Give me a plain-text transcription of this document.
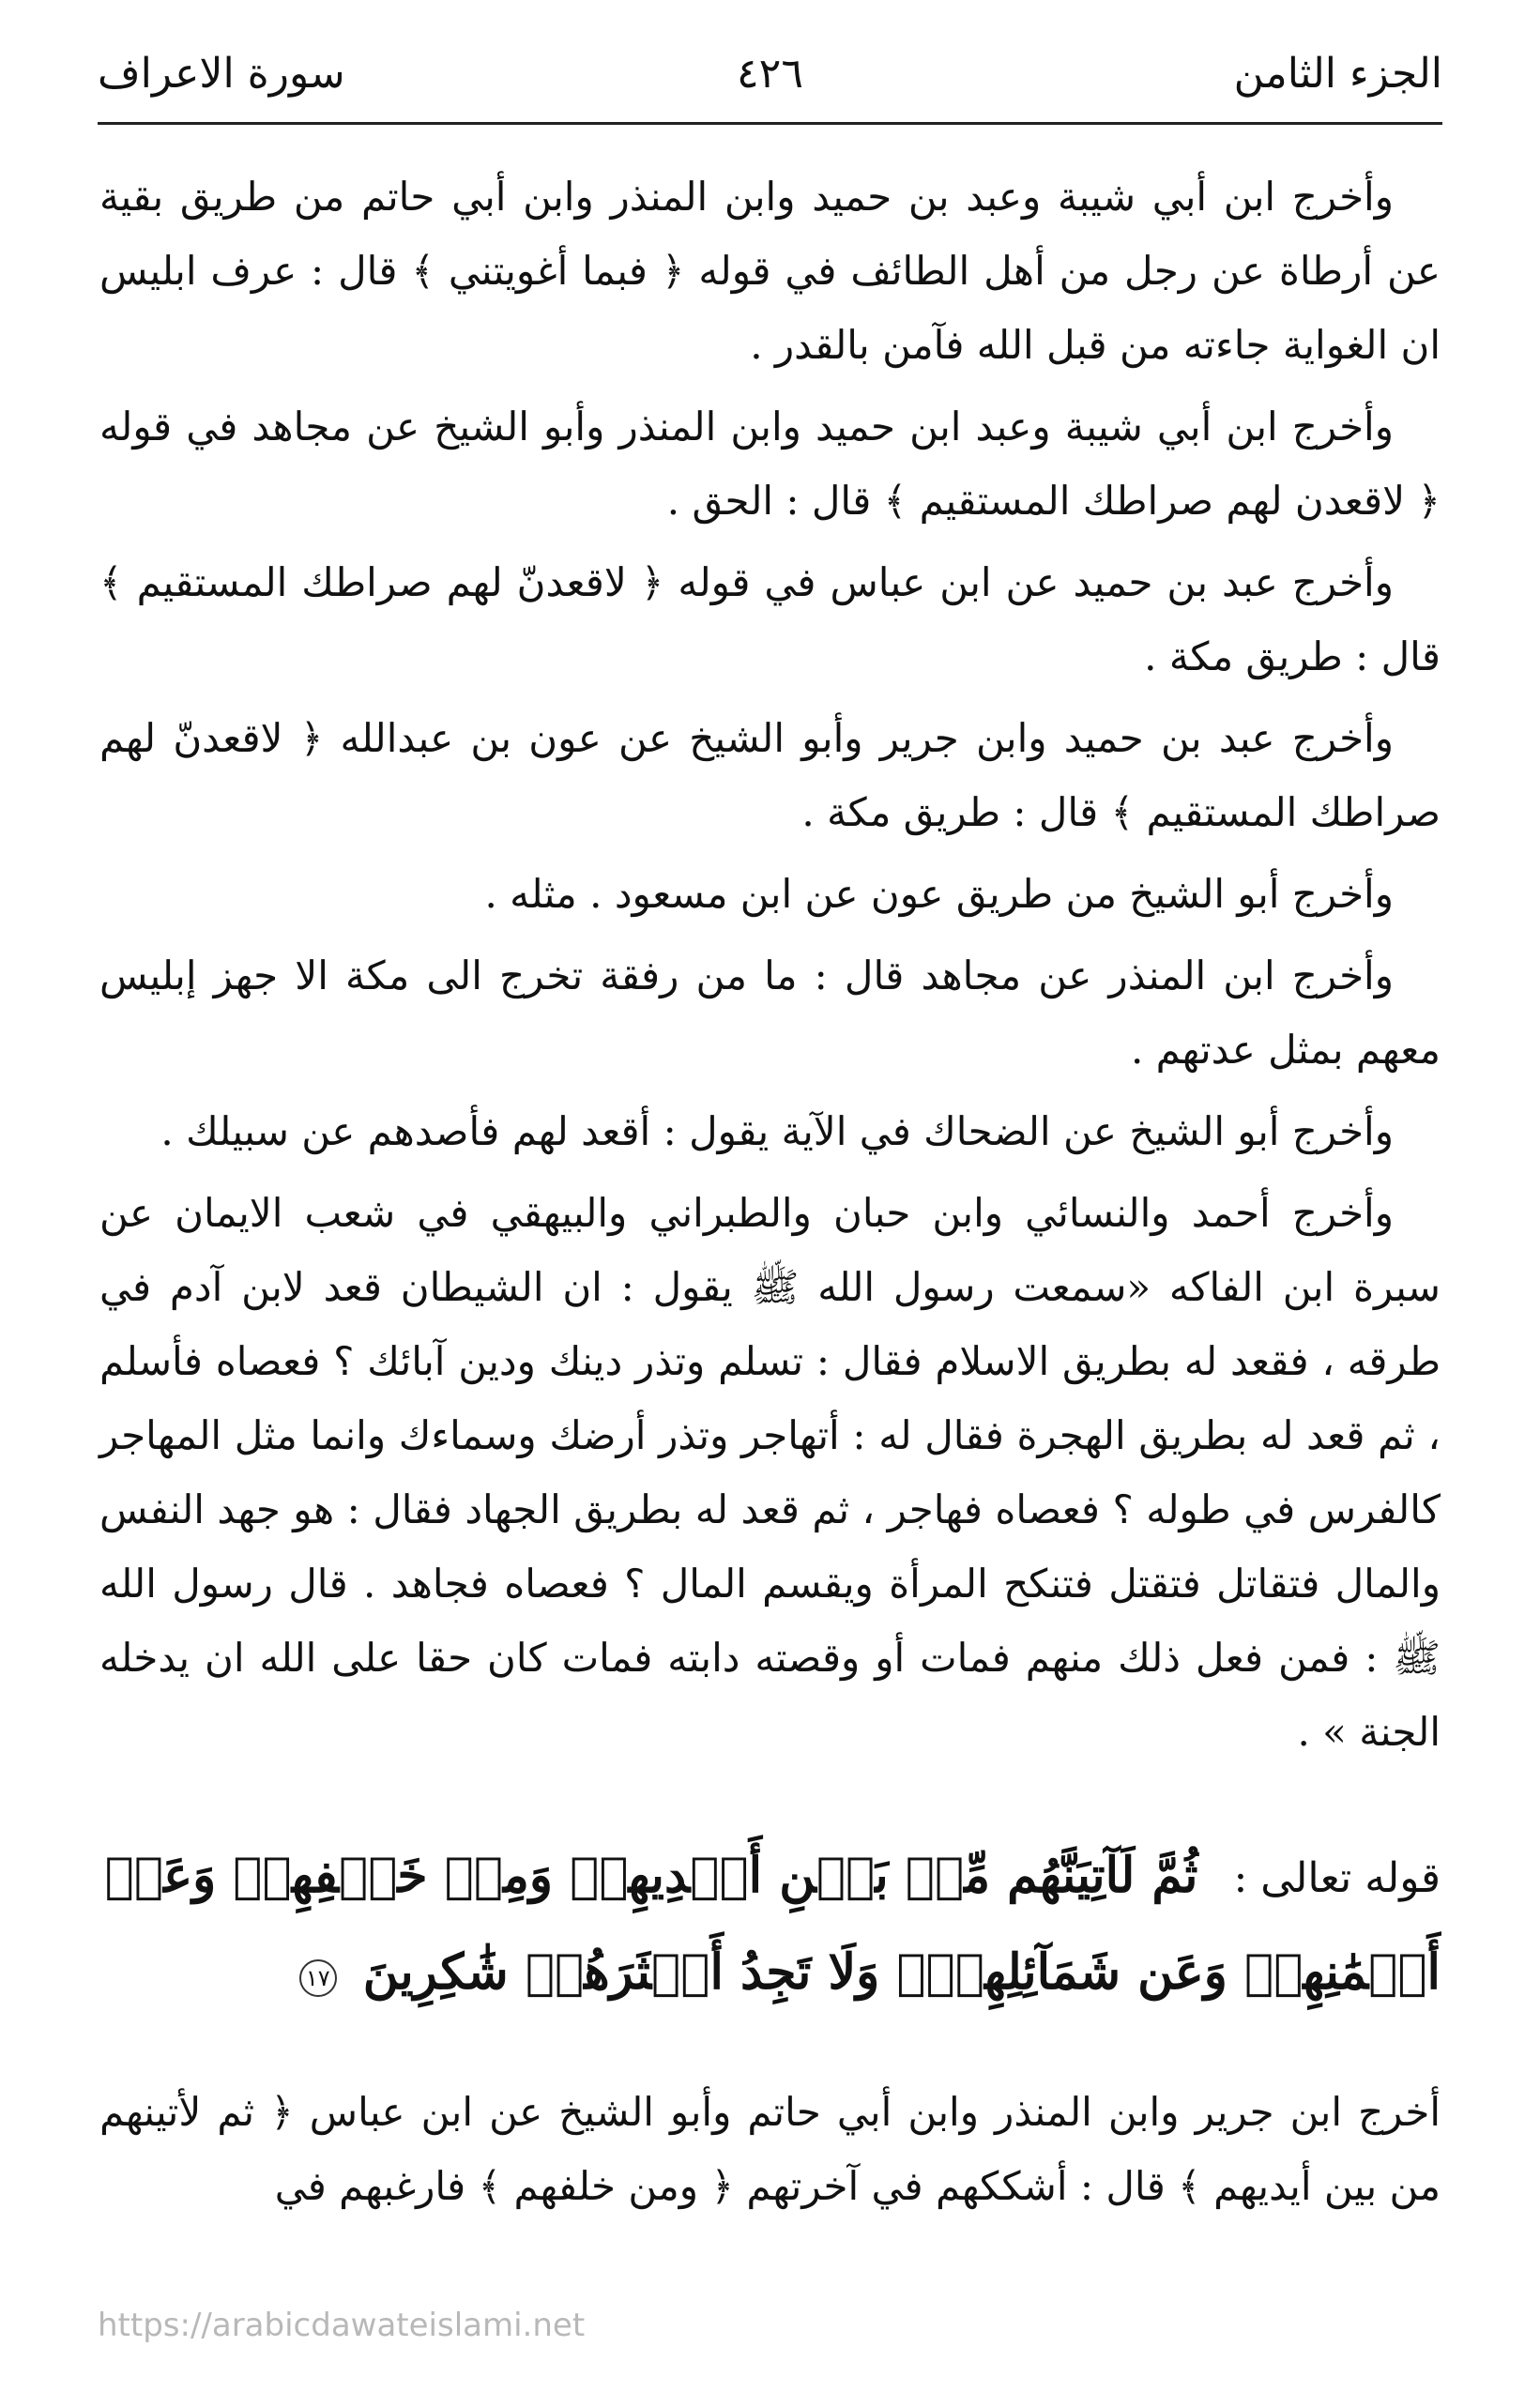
الجزء الثامن
٤٢٦
سورة الاعراف

وأخرج ابن أبي شيبة وعبد بن حميد وابن المنذر وابن أبي حاتم من طريق بقية عن أرطاة عن رجل من أهل الطائف في قوله ﴿ فبما أغويتني ﴾ قال : عرف ابليس ان الغواية جاءته من قبل الله فآمن بالقدر .

وأخرج ابن أبي شيبة وعبد ابن حميد وابن المنذر وأبو الشيخ عن مجاهد في قوله ﴿ لاقعدن لهم صراطك المستقيم ﴾ قال : الحق .

وأخرج عبد بن حميد عن ابن عباس في قوله ﴿ لاقعدنّ لهم صراطك المستقيم ﴾ قال : طريق مكة .

وأخرج عبد بن حميد وابن جرير وأبو الشيخ عن عون بن عبدالله ﴿ لاقعدنّ لهم صراطك المستقيم ﴾ قال : طريق مكة .

وأخرج أبو الشيخ من طريق عون عن ابن مسعود . مثله .

وأخرج ابن المنذر عن مجاهد قال : ما من رفقة تخرج الى مكة الا جهز إبليس معهم بمثل عدتهم .

وأخرج أبو الشيخ عن الضحاك في الآية يقول : أقعد لهم فأصدهم عن سبيلك .

وأخرج أحمد والنسائي وابن حبان والطبراني والبيهقي في شعب الايمان عن سبرة ابن الفاكه «سمعت رسول الله ﷺ يقول : ان الشيطان قعد لابن آدم في طرقه ، فقعد له بطريق الاسلام فقال : تسلم وتذر دينك ودين آبائك ؟ فعصاه فأسلم ، ثم قعد له بطريق الهجرة فقال له : أتهاجر وتذر أرضك وسماءك وانما مثل المهاجر كالفرس في طوله ؟ فعصاه فهاجر ، ثم قعد له بطريق الجهاد فقال : هو جهد النفس والمال فتقاتل فتقتل فتنكح المرأة ويقسم المال ؟ فعصاه فجاهد . قال رسول الله ﷺ : فمن فعل ذلك منهم فمات أو وقصته دابته فمات كان حقا على الله ان يدخله الجنة » .

قوله تعالى : ثُمَّ لَآتِيَنَّهُم مِّنۢ بَيۡنِ أَيۡدِيهِمۡ وَمِنۡ خَلۡفِهِمۡ وَعَنۡ أَيۡمَٰنِهِمۡ وَعَن شَمَآئِلِهِمۡۖ وَلَا تَجِدُ أَكۡثَرَهُمۡ شَٰكِرِينَ ١٧

أخرج ابن جرير وابن المنذر وابن أبي حاتم وأبو الشيخ عن ابن عباس ﴿ ثم لأتينهم من بين أيديهم ﴾ قال : أشككهم في آخرتهم ﴿ ومن خلفهم ﴾ فارغبهم في

https://arabicdawateislami.net
